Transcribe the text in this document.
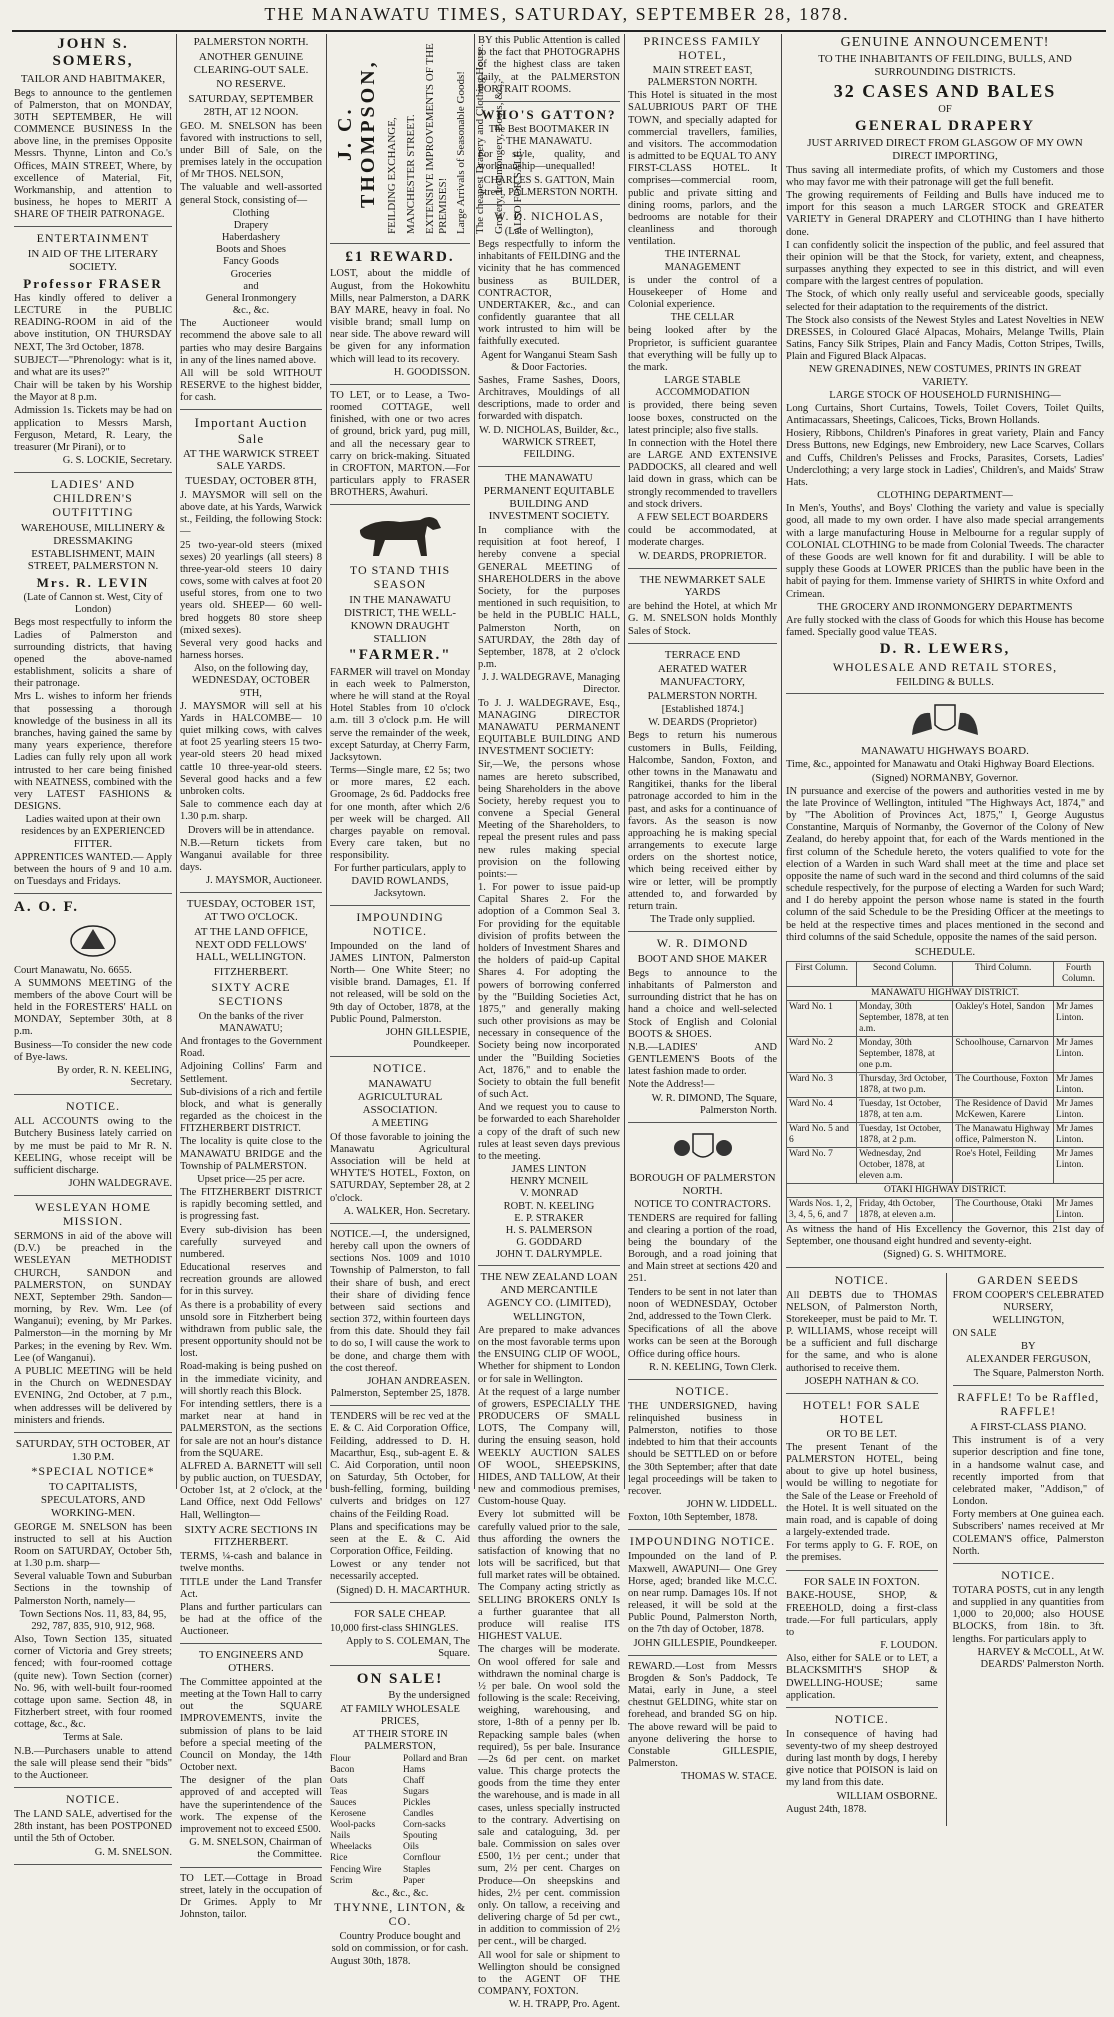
THE MANAWATU TIMES, SATURDAY, SEPTEMBER 28, 1878.
JOHN S. SOMERS,
TAILOR AND HABITMAKER,

Begs to announce to the gentlemen of Palmerston, that on MONDAY, 30TH SEPTEMBER, He will COMMENCE BUSINESS In the above line, in the premises Opposite Messrs. Thynne, Linton and Co.'s Offices, MAIN STREET, Where, by excellence of Material, Fit, Workmanship, and attention to business, he hopes to MERIT A SHARE OF THEIR PATRONAGE.

ENTERTAINMENT
IN AID OF THE LITERARY SOCIETY.
Professor FRASER

Has kindly offered to deliver a LECTURE in the PUBLIC READING-ROOM in aid of the above institution, ON THURSDAY NEXT, The 3rd October, 1878.

SUBJECT—"Phrenology: what is it, and what are its uses?"

Chair will be taken by his Worship the Mayor at 8 p.m.

Admission 1s. Tickets may be had on application to Messrs Marsh, Ferguson, Metard, R. Leary, the treasurer (Mr Pirani), or to

G. S. LOCKIE, Secretary.

LADIES' AND CHILDREN'S OUTFITTING
WAREHOUSE, MILLINERY & DRESSMAKING ESTABLISHMENT, MAIN STREET, PALMERSTON N.
Mrs. R. LEVIN

(Late of Cannon st. West, City of London)

Begs most respectfully to inform the Ladies of Palmerston and surrounding districts, that having opened the above-named establishment, solicits a share of their patronage.

Mrs L. wishes to inform her friends that possessing a thorough knowledge of the business in all its branches, having gained the same by many years experience, therefore Ladies can fully rely upon all work intrusted to her care being finished with NEATNESS, combined with the very LATEST FASHIONS & DESIGNS.

Ladies waited upon at their own residences by an EXPERIENCED FITTER.

APPRENTICES WANTED.— Apply between the hours of 9 and 10 a.m. on Tuesdays and Fridays.

A. O. F.

Court Manawatu, No. 6655.

A SUMMONS MEETING of the members of the above Court will be held in the FORESTERS' HALL on MONDAY, September 30th, at 8 p.m.

Business—To consider the new code of Bye-laws.

By order, R. N. KEELING, Secretary.

NOTICE.

ALL ACCOUNTS owing to the Butchery Business lately carried on by me must be paid to Mr R. N. KEELING, whose receipt will be sufficient discharge.

JOHN WALDEGRAVE.

WESLEYAN HOME MISSION.

SERMONS in aid of the above will (D.V.) be preached in the WESLEYAN METHODIST CHURCH, SANDON and PALMERSTON, on SUNDAY NEXT, September 29th. Sandon—morning, by Rev. Wm. Lee (of Wanganui); evening, by Mr Parkes. Palmerston—in the morning by Mr Parkes; in the evening by Rev. Wm. Lee (of Wanganui).

A PUBLIC MEETING will be held in the Church on WEDNESDAY EVENING, 2nd October, at 7 p.m., when addresses will be delivered by ministers and friends.

SATURDAY, 5TH OCTOBER, AT 1.30 P.M.
*SPECIAL NOTICE*
TO CAPITALISTS, SPECULATORS, AND WORKING-MEN.

GEORGE M. SNELSON has been instructed to sell at his Auction Room on SATURDAY, October 5th, at 1.30 p.m. sharp—

Several valuable Town and Suburban Sections in the township of Palmerston North, namely—

Town Sections Nos. 11, 83, 84, 95, 292, 787, 835, 910, 912, 968.

Also, Town Section 135, situated corner of Victoria and Grey streets; fenced; with four-roomed cottage (quite new). Town Section (corner) No. 96, with well-built four-roomed cottage upon same. Section 48, in Fitzherbert street, with four roomed cottage, &c., &c.

Terms at Sale.

N.B.—Purchasers unable to attend the sale will please send their "bids" to the Auctioneer.

NOTICE.

The LAND SALE, advertised for the 28th instant, has been POSTPONED until the 5th of October.

G. M. SNELSON.

PALMERSTON NORTH.
ANOTHER GENUINE CLEARING-OUT SALE.
NO RESERVE.
SATURDAY, SEPTEMBER 28TH, AT 12 NOON.

GEO. M. SNELSON has been favored with instructions to sell, under Bill of Sale, on the premises lately in the occupation of Mr THOS. NELSON,

The valuable and well-assorted general Stock, consisting of—

Clothing
Drapery
Haberdashery
Boots and Shoes
Fancy Goods
Groceries
and
General Ironmongery
&c., &c.

The Auctioneer would recommend the above sale to all parties who may desire Bargains in any of the lines named above.

All will be sold WITHOUT RESERVE to the highest bidder, for cash.

Important Auction Sale
AT THE WARWICK STREET SALE YARDS.
TUESDAY, OCTOBER 8TH,

J. MAYSMOR will sell on the above date, at his Yards, Warwick st., Feilding, the following Stock:—

25 two-year-old steers (mixed sexes) 20 yearlings (all steers) 8 three-year-old steers 10 dairy cows, some with calves at foot 20 useful stores, from one to two years old. SHEEP— 60 well-bred hoggets 80 store sheep (mixed sexes).

Several very good hacks and harness horses.

Also, on the following day, WEDNESDAY, OCTOBER 9TH,

J. MAYSMOR will sell at his Yards in HALCOMBE— 10 quiet milking cows, with calves at foot 25 yearling steers 15 two-year-old steers 20 head mixed cattle 10 three-year-old steers. Several good hacks and a few unbroken colts.

Sale to commence each day at 1.30 p.m. sharp.

Drovers will be in attendance.

N.B.—Return tickets from Wanganui available for three days.

J. MAYSMOR, Auctioneer.

TUESDAY, OCTOBER 1ST, AT TWO O'CLOCK.
AT THE LAND OFFICE, NEXT ODD FELLOWS' HALL, WELLINGTON.
FITZHERBERT.
SIXTY ACRE SECTIONS

On the banks of the river MANAWATU;

And frontages to the Government Road.

Adjoining Collins' Farm and Settlement.

Sub-divisions of a rich and fertile block, and what is generally regarded as the choicest in the FITZHERBERT DISTRICT.

The locality is quite close to the MANAWATU BRIDGE and the Township of PALMERSTON.

Upset price—25 per acre.

The FITZHERBERT DISTRICT is rapidly becoming settled, and is progressing fast.

Every sub-division has been carefully surveyed and numbered.

Educational reserves and recreation grounds are allowed for in this survey.

As there is a probability of every unsold sore in Fitzherbert being withdrawn from public sale, the present opportunity should not be lost.

Road-making is being pushed on in the immediate vicinity, and will shortly reach this Block.

For intending settlers, there is a market near at hand in PALMERSTON, as the sections for sale are not an hour's distance from the SQUARE.

ALFRED A. BARNETT will sell by public auction, on TUESDAY, October 1st, at 2 o'clock, at the Land Office, next Odd Fellows' Hall, Wellington—

SIXTY ACRE SECTIONS IN FITZHERBERT.

TERMS, ¼-cash and balance in twelve months.

TITLE under the Land Transfer Act.

Plans and further particulars can be had at the office of the Auctioneer.

TO ENGINEERS AND OTHERS.

The Committee appointed at the meeting at the Town Hall to carry out the SQUARE IMPROVEMENTS, invite the submission of plans to be laid before a special meeting of the Council on Monday, the 14th October next.

The designer of the plan approved of and accepted will have the superintendence of the work. The expense of the improvement not to exceed £500.

G. M. SNELSON, Chairman of the Committee.

TO LET.—Cottage in Broad street, lately in the occupation of Dr Grimes. Apply to Mr Johnston, tailor.

J. C. THOMPSON, FEILDING EXCHANGE, MANCHESTER STREET. EXTENSIVE IMPROVEMENTS OF THE PREMISES! Large Arrivals of Seasonable Goods! The cheapest Drapery and Clothing House. Grocery, Ironmongery, Boots, &c., ALSO FOR SALE.
£1 REWARD.

LOST, about the middle of August, from the Hokowhitu Mills, near Palmerston, a DARK BAY MARE, heavy in foal. No visible brand; small lump on near side. The above reward will be given for any information which will lead to its recovery.

H. GOODISSON.

TO LET, or to Lease, a Two-roomed COTTAGE, well finished, with one or two acres of ground, brick yard, pug mill, and all the necessary gear to carry on brick-making. Situated in CROFTON, MARTON.—For particulars apply to FRASER BROTHERS, Awahuri.

TO STAND THIS SEASON
IN THE MANAWATU DISTRICT, THE WELL-KNOWN DRAUGHT STALLION
"FARMER."

FARMER will travel on Monday in each week to Palmerston, where he will stand at the Royal Hotel Stables from 10 o'clock a.m. till 3 o'clock p.m. He will serve the remainder of the week, except Saturday, at Cherry Farm, Jacksytown.

Terms—Single mare, £2 5s; two or more mares, £2 each. Groomage, 2s 6d. Paddocks free for one month, after which 2/6 per week will be charged. All charges payable on removal. Every care taken, but no responsibility.

For further particulars, apply to DAVID ROWLANDS, Jacksytown.

IMPOUNDING NOTICE.

Impounded on the land of JAMES LINTON, Palmerston North— One White Steer; no visible brand. Damages, £1. If not released, will be sold on the 9th day of October, 1878, at the Public Pound, Palmerston.

JOHN GILLESPIE, Poundkeeper.

NOTICE.
MANAWATU AGRICULTURAL ASSOCIATION.
A MEETING

Of those favorable to joining the Manawatu Agricultural Association will be held at WHYTE'S HOTEL, Foxton, on SATURDAY, September 28, at 2 o'clock.

A. WALKER, Hon. Secretary.

NOTICE.—I, the undersigned, hereby call upon the owners of sections Nos. 1009 and 1010 Township of Palmerston, to fall their share of bush, and erect their share of dividing fence between said sections and section 372, within fourteen days from this date. Should they fail to do so, I will cause the work to be done, and charge them with the cost thereof.

JOHAN ANDREASEN. Palmerston, September 25, 1878.

TENDERS will be rec ved at the E. & C. Aid Corporation Office, Feilding, addressed to D. H. Macarthur, Esq., sub-agent E. & C. Aid Corporation, until noon on Saturday, 5th October, for bush-felling, forming, building culverts and bridges on 127 chains of the Feilding Road.

Plans and specifications may be seen at the E. & C. Aid Corporation Office, Feilding.

Lowest or any tender not necessarily accepted.

(Signed) D. H. MACARTHUR.

FOR SALE CHEAP.

10,000 first-class SHINGLES.

Apply to S. COLEMAN, The Square.

ON SALE!

By the undersigned

AT FAMILY WHOLESALE PRICES,

AT THEIR STORE IN PALMERSTON,

Flour
Bacon
Oats
Teas
Sauces
Kerosene
Wool-packs
Nails
Wheelacks
Rice
Fencing Wire
Scrim
Pollard and Bran
Hams
Chaff
Sugars
Pickles
Candles
Corn-sacks
Spouting
Oils
Cornflour
Staples
Paper

&c., &c., &c.

THYNNE, LINTON, & CO.

Country Produce bought and sold on commission, or for cash.

August 30th, 1878.

BY this Public Attention is called to the fact that PHOTOGRAPHS of the highest class are taken daily, at the PALMERSTON PORTRAIT ROOMS.

WHO'S GATTON?

The Best BOOTMAKER IN THE MANAWATU.

For style, quality, and workmanship—unequalled!

CHARLES S. GATTON, Main street, PALMERSTON NORTH.

W. D. NICHOLAS,

(Late of Wellington),

Begs respectfully to inform the inhabitants of FEILDING and the vicinity that he has commenced business as BUILDER, CONTRACTOR, UNDERTAKER, &c., and can confidently guarantee that all work intrusted to him will be faithfully executed.

Agent for Wanganui Steam Sash & Door Factories.

Sashes, Frame Sashes, Doors, Architraves, Mouldings of all descriptions, made to order and forwarded with dispatch.

W. D. NICHOLAS, Builder, &c., WARWICK STREET, FEILDING.

THE MANAWATU PERMANENT EQUITABLE BUILDING AND INVESTMENT SOCIETY.

In compliance with the requisition at foot hereof, I hereby convene a special GENERAL MEETING of SHAREHOLDERS in the above Society, for the purposes mentioned in such requisition, to be held in the PUBLIC HALL, Palmerston North, on SATURDAY, the 28th day of September, 1878, at 2 o'clock p.m.

J. J. WALDEGRAVE, Managing Director.

To J. J. WALDEGRAVE, Esq., MANAGING DIRECTOR MANAWATU PERMANENT EQUITABLE BUILDING AND INVESTMENT SOCIETY:

Sir,—We, the persons whose names are hereto subscribed, being Shareholders in the above Society, hereby request you to convene a Special General Meeting of the Shareholders, to repeal the present rules and pass new rules making special provision on the following points:—

1. For power to issue paid-up Capital Shares 2. For the adoption of a Common Seal 3. For providing for the equitable division of profits between the holders of Investment Shares and the holders of paid-up Capital Shares 4. For adopting the powers of borrowing conferred by the "Building Societies Act, 1875," and generally making such other provisions as may be necessary in consequence of the Society being now incorporated under the "Building Societies Act, 1876," and to enable the Society to obtain the full benefit of such Act.

And we request you to cause to be forwarded to each Shareholder a copy of the draft of such new rules at least seven days previous to the meeting.

JAMES LINTON
HENRY MCNEIL
V. MONRAD
ROBT. N. KEELING
E. P. STRAKER
H. S. PALMERSON
G. GODDARD
JOHN T. DALRYMPLE.
THE NEW ZEALAND LOAN AND MERCANTILE AGENCY CO. (LIMITED),

WELLINGTON,

Are prepared to make advances on the most favorable terms upon the ENSUING CLIP OF WOOL, Whether for shipment to London or for sale in Wellington.

At the request of a large number of growers, ESPECIALLY THE PRODUCERS OF SMALL LOTS, The Company will, during the ensuing season, hold WEEKLY AUCTION SALES OF WOOL, SHEEPSKINS, HIDES, AND TALLOW, At their new and commodious premises, Custom-house Quay.

Every lot submitted will be carefully valued prior to the sale, thus affording the owners the satisfaction of knowing that no lots will be sacrificed, but that full market rates will be obtained. The Company acting strictly as SELLING BROKERS ONLY Is a further guarantee that all produce will realise ITS HIGHEST VALUE.

The charges will be moderate. On wool offered for sale and withdrawn the nominal charge is ½ per bale. On wool sold the following is the scale: Receiving, weighing, warehousing, and store, 1-8th of a penny per lb. Repacking sample bales (when required), 5s per bale. Insurance—2s 6d per cent. on market value. This charge protects the goods from the time they enter the warehouse, and is made in all cases, unless specially instructed to the contrary. Advertising on sale and cataloguing, 3d. per bale. Commission on sales over £500, 1½ per cent.; under that sum, 2½ per cent. Charges on Produce—On sheepskins and hides, 2½ per cent. commission only. On tallow, a receiving and delivering charge of 5d per cwt., in addition to commission of 2½ per cent., will be charged.

All wool for sale or shipment to Wellington should be consigned to the AGENT OF THE COMPANY, FOXTON.

W. H. TRAPP, Pro. Agent.

PRINCESS FAMILY HOTEL,

MAIN STREET EAST, PALMERSTON NORTH.

This Hotel is situated in the most SALUBRIOUS PART OF THE TOWN, and specially adapted for commercial travellers, families, and visitors. The accommodation is admitted to be EQUAL TO ANY FIRST-CLASS HOTEL. It comprises—commercial room, public and private sitting and dining rooms, parlors, and the bedrooms are notable for their cleanliness and thorough ventilation.

THE INTERNAL MANAGEMENT

is under the control of a Housekeeper of Home and Colonial experience.

THE CELLAR

being looked after by the Proprietor, is sufficient guarantee that everything will be fully up to the mark.

LARGE STABLE ACCOMMODATION

is provided, there being seven loose boxes, constructed on the latest principle; also five stalls.

In connection with the Hotel there are LARGE AND EXTENSIVE PADDOCKS, all cleared and well laid down in grass, which can be strongly recommended to travellers and stock drivers.

A FEW SELECT BOARDERS

could be accommodated, at moderate charges.

W. DEARDS, PROPRIETOR.

THE NEWMARKET SALE YARDS

are behind the Hotel, at which Mr G. M. SNELSON holds Monthly Sales of Stock.

TERRACE END
AERATED WATER MANUFACTORY,

PALMERSTON NORTH.

[Established 1874.]

W. DEARDS (Proprietor)

Begs to return his numerous customers in Bulls, Feilding, Halcombe, Sandon, Foxton, and other towns in the Manawatu and Rangitikei, thanks for the liberal patronage accorded to him in the past, and asks for a continuance of favors. As the season is now approaching he is making special arrangements to execute large orders on the shortest notice, which being received either by wire or letter, will be promptly attended to, and forwarded by return train.

The Trade only supplied.

W. R. DIMOND
BOOT AND SHOE MAKER

Begs to announce to the inhabitants of Palmerston and surrounding district that he has on hand a choice and well-selected Stock of English and Colonial BOOTS & SHOES.

N.B.—LADIES' AND GENTLEMEN'S Boots of the latest fashion made to order.

Note the Address!—

W. R. DIMOND, The Square, Palmerston North.

BOROUGH OF PALMERSTON NORTH.

NOTICE TO CONTRACTORS.

TENDERS are required for falling and clearing a portion of the road, being the boundary of the Borough, and a road joining that and Main street at sections 420 and 251.

Tenders to be sent in not later than noon of WEDNESDAY, October 2nd, addressed to the Town Clerk.

Specifications of all the above works can be seen at the Borough Office during office hours.

R. N. KEELING, Town Clerk.

NOTICE.

THE UNDERSIGNED, having relinquished business in Palmerston, notifies to those indebted to him that their accounts should be SETTLED on or before the 30th September; after that date legal proceedings will be taken to recover.

JOHN W. LIDDELL.

Foxton, 10th September, 1878.

IMPOUNDING NOTICE.

Impounded on the land of P. Maxwell, AWAPUNI— One Grey Horse, aged; branded like M.C.C. on near rump. Damages 10s. If not released, it will be sold at the Public Pound, Palmerston North, on the 7th day of October, 1878.

JOHN GILLESPIE, Poundkeeper.

REWARD.—Lost from Messrs Brogden & Son's Paddock, Te Matai, early in June, a steel chestnut GELDING, white star on forehead, and branded SG on hip. The above reward will be paid to anyone delivering the horse to Constable GILLESPIE, Palmerston.

THOMAS W. STACE.

GENUINE ANNOUNCEMENT!
TO THE INHABITANTS OF FEILDING, BULLS, AND SURROUNDING DISTRICTS.
32 CASES AND BALES
OF
GENERAL DRAPERY
JUST ARRIVED DIRECT FROM GLASGOW OF MY OWN DIRECT IMPORTING,

Thus saving all intermediate profits, of which my Customers and those who may favor me with their patronage will get the full benefit.

The growing requirements of Feilding and Bulls have induced me to import for this season a much LARGER STOCK and GREATER VARIETY in General DRAPERY and CLOTHING than I have hitherto done.

I can confidently solicit the inspection of the public, and feel assured that their opinion will be that the Stock, for variety, extent, and cheapness, surpasses anything they expected to see in this district, and will even compare with the largest centres of population.

The Stock, of which only really useful and serviceable goods, specially selected for their adaptation to the requirements of the district.

The Stock also consists of the Newest Styles and Latest Novelties in NEW DRESSES, in Coloured Glacé Alpacas, Mohairs, Melange Twills, Plain Satins, Fancy Silk Stripes, Plain and Fancy Madis, Cotton Stripes, Twills, Plain and Figured Black Alpacas.

NEW GRENADINES, NEW COSTUMES, PRINTS IN GREAT VARIETY.

LARGE STOCK OF HOUSEHOLD FURNISHING—

Long Curtains, Short Curtains, Towels, Toilet Covers, Toilet Quilts, Antimacassars, Sheetings, Calicoes, Ticks, Brown Hollands.

Hosiery, Ribbons, Children's Pinafores in great variety, Plain and Fancy Dress Buttons, new Edgings, new Embroidery, new Lace Scarves, Collars and Cuffs, Children's Pelisses and Frocks, Parasites, Corsets, Ladies' Underclothing; a very large stock in Ladies', Children's, and Maids' Straw Hats.

CLOTHING DEPARTMENT—

In Men's, Youths', and Boys' Clothing the variety and value is specially good, all made to my own order. I have also made special arrangements with a large manufacturing House in Melbourne for a regular supply of COLONIAL CLOTHING to be made from Colonial Tweeds. The character of these Goods are well known for fit and durability. I will be able to supply these Goods at LOWER PRICES than the public have been in the habit of paying for them. Immense variety of SHIRTS in white Oxford and Crimean.

THE GROCERY AND IRONMONGERY DEPARTMENTS

Are fully stocked with the class of Goods for which this House has become famed. Specially good value TEAS.

D. R. LEWERS,
WHOLESALE AND RETAIL STORES,
FEILDING & BULLS.
MANAWATU HIGHWAYS BOARD.

Time, &c., appointed for Manawatu and Otaki Highway Board Elections.

(Signed) NORMANBY, Governor.

IN pursuance and exercise of the powers and authorities vested in me by the late Province of Wellington, intituled "The Highways Act, 1874," and by "The Abolition of Provinces Act, 1875," I, George Augustus Constantine, Marquis of Normanby, the Governor of the Colony of New Zealand, do hereby appoint that, for each of the Wards mentioned in the first column of the Schedule hereto, the voters qualified to vote for the election of a Warden in such Ward shall meet at the time and place set opposite the name of such ward in the second and third columns of the said schedule respectively, for the purpose of electing a Warden for such Ward; and I do hereby appoint the person whose name is stated in the fourth column of the said Schedule to be the Presiding Officer at the meetings to be held at the respective times and places mentioned in the second and third columns of the said Schedule, opposite the names of the said person.

SCHEDULE.
First Column.	Second Column.	Third Column.	Fourth Column.
MANAWATU HIGHWAY DISTRICT.			
Ward No. 1	Monday, 30th September, 1878, at ten a.m.	Oakley's Hotel, Sandon	Mr James Linton.
Ward No. 2	Monday, 30th September, 1878, at one p.m.	Schoolhouse, Carnarvon	Mr James Linton.
Ward No. 3	Thursday, 3rd October, 1878, at two p.m.	The Courthouse, Foxton	Mr James Linton.
Ward No. 4	Tuesday, 1st October, 1878, at ten a.m.	The Residence of David McKewen, Karere	Mr James Linton.
Ward No. 5 and 6	Tuesday, 1st October, 1878, at 2 p.m.	The Manawatu Highway office, Palmerston N.	Mr James Linton.
Ward No. 7	Wednesday, 2nd October, 1878, at eleven a.m.	Roe's Hotel, Feilding	Mr James Linton.
OTAKI HIGHWAY DISTRICT.			
Wards Nos. 1, 2, 3, 4, 5, 6, and 7	Friday, 4th October, 1878, at eleven a.m.	The Courthouse, Otaki	Mr James Linton.

As witness the hand of His Excellency the Governor, this 21st day of September, one thousand eight hundred and seventy-eight.

(Signed) G. S. WHITMORE.

NOTICE.

All DEBTS due to THOMAS NELSON, of Palmerston North, Storekeeper, must be paid to Mr. T. P. WILLIAMS, whose receipt will be a sufficient and full discharge for the same, and who is alone authorised to receive them.

JOSEPH NATHAN & CO.

HOTEL! FOR SALE HOTEL
OR TO BE LET.

The present Tenant of the PALMERSTON HOTEL, being about to give up hotel business, would be willing to negotiate for the Sale of the Lease or Freehold of the Hotel. It is well situated on the main road, and is capable of doing a largely-extended trade.

For terms apply to G. F. ROE, on the premises.

FOR SALE IN FOXTON.

BAKE-HOUSE, SHOP, & FREEHOLD, doing a first-class trade.—For full particulars, apply to

F. LOUDON.

Also, either for SALE or to LET, a BLACKSMITH'S SHOP & DWELLING-HOUSE; same application.

NOTICE.

In consequence of having had seventy-two of my sheep destroyed during last month by dogs, I hereby give notice that POISON is laid on my land from this date.

WILLIAM OSBORNE.

August 24th, 1878.

GARDEN SEEDS

FROM COOPER'S CELEBRATED NURSERY,

WELLINGTON,

ON SALE

BY

ALEXANDER FERGUSON,

The Square, Palmerston North.

RAFFLE! To be Raffled, RAFFLE!
A FIRST-CLASS PIANO.

This instrument is of a very superior description and fine tone, in a handsome walnut case, and recently imported from that celebrated maker, "Addison," of London.

Forty members at One guinea each. Subscribers' names received at Mr COLEMAN'S office, Palmerston North.

NOTICE.

TOTARA POSTS, cut in any length and supplied in any quantities from 1,000 to 20,000; also HOUSE BLOCKS, from 18in. to 3ft. lengths. For particulars apply to

HARVEY & McCOLL, At W. DEARDS' Palmerston North.
